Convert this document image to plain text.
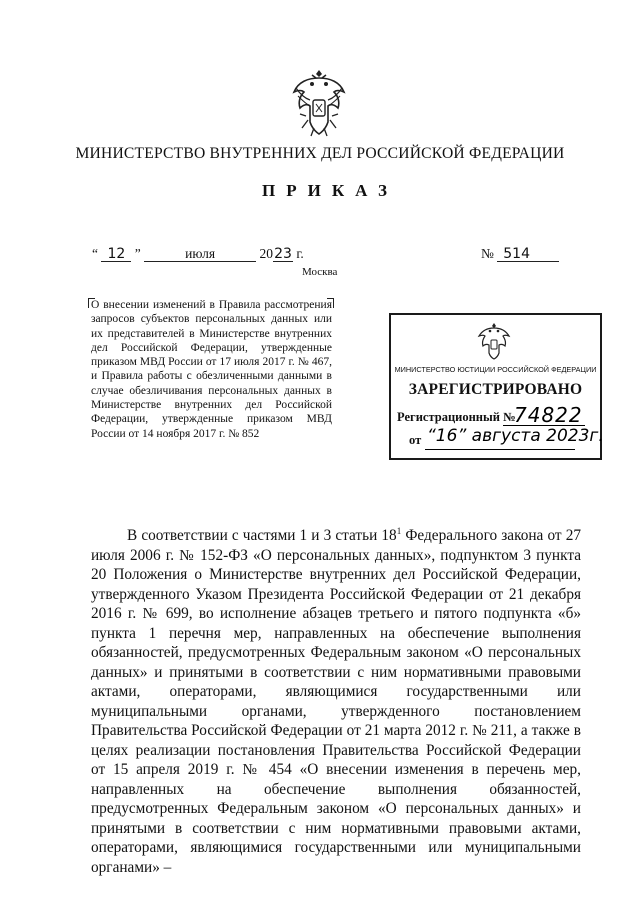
МИНИСТЕРСТВО ВНУТРЕННИХ ДЕЛ РОССИЙСКОЙ ФЕДЕРАЦИИ
ПРИКАЗ
“ 12 ”	июля	2023 г.	№ 514
Москва
О внесении изменений в Правила рассмотрения запросов субъектов персональных данных или их представителей в Министерстве внутренних дел Российской Федерации, утвержденные приказом МВД России от 17 июля 2017 г. № 467, и Правила работы с обезличенными данными в случае обезличивания персональных данных в Министерстве внутренних дел Российской Федерации, утвержденные приказом МВД России от 14 ноября 2017 г. № 852
МИНИСТЕРСТВО ЮСТИЦИИ РОССИЙСКОЙ ФЕДЕРАЦИИ
ЗАРЕГИСТРИРОВАНО
Регистрационный №
74822
от “16” августа 2023г.
В соответствии с частями 1 и 3 статьи $18^1$ Федерального закона от 27 июля 2006 г. № 152-ФЗ «О персональных данных», подпунктом 3 пункта 20 Положения о Министерстве внутренних дел Российской Федерации, утвержденного Указом Президента Российской Федерации от 21 декабря 2016 г. № 699, во исполнение абзацев третьего и пятого подпункта «б» пункта 1 перечня мер, направленных на обеспечение выполнения обязанностей, предусмотренных Федеральным законом «О персональных данных» и принятыми в соответствии с ним нормативными правовыми актами, операторами, являющимися государственными или муниципальными органами, утвержденного постановлением Правительства Российской Федерации от 21 марта 2012 г. № 211, а также в целях реализации постановления Правительства Российской Федерации от 15 апреля 2019 г. № 454 «О внесении изменения в перечень мер, направленных на обеспечение выполнения обязанностей, предусмотренных Федеральным законом «О персональных данных» и принятыми в соответствии с ним нормативными правовыми актами, операторами, являющимися государственными или муниципальными органами» –
